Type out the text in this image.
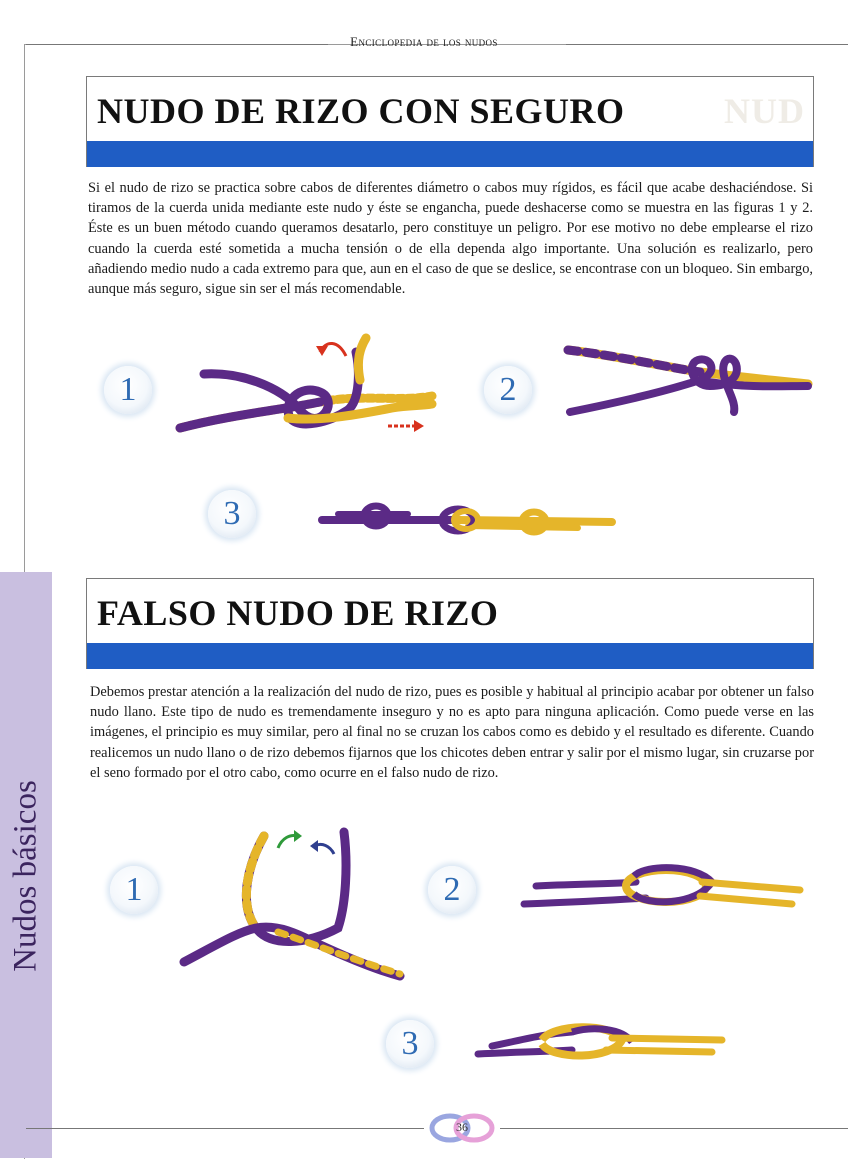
Enciclopedia de los nudos
NUD
NUDO DE RIZO CON SEGURO

Si el nudo de rizo se practica sobre cabos de diferentes diámetro o cabos muy rígidos, es fácil que acabe deshaciéndose. Si tiramos de la cuerda unida mediante este nudo y éste se engancha, puede deshacerse como se muestra en las figuras 1 y 2. Éste es un buen método cuando queramos desatarlo, pero constituye un peligro. Por ese motivo no debe emplearse el rizo cuando la cuerda esté sometida a mucha tensión o de ella dependa algo importante. Una solución es realizarlo, pero añadiendo medio nudo a cada extremo para que, aun en el caso de que se deslice, se encontrase con un bloqueo. Sin embargo, aunque más seguro, sigue sin ser el más recomendable.

1	2
3
FALSO NUDO DE RIZO

Debemos prestar atención a la realización del nudo de rizo, pues es posible y habitual al principio acabar por obtener un falso nudo llano. Este tipo de nudo es tremendamente inseguro y no es apto para ninguna aplicación. Como puede verse en las imágenes, el principio es muy similar, pero al final no se cruzan los cabos como es debido y el resultado es diferente. Cuando realicemos un nudo llano o de rizo debemos fijarnos que los chicotes deben entrar y salir por el mismo lugar, sin cruzarse por el seno formado por el otro cabo, como ocurre en el falso nudo de rizo.

1	2
3
Nudos básicos
36
